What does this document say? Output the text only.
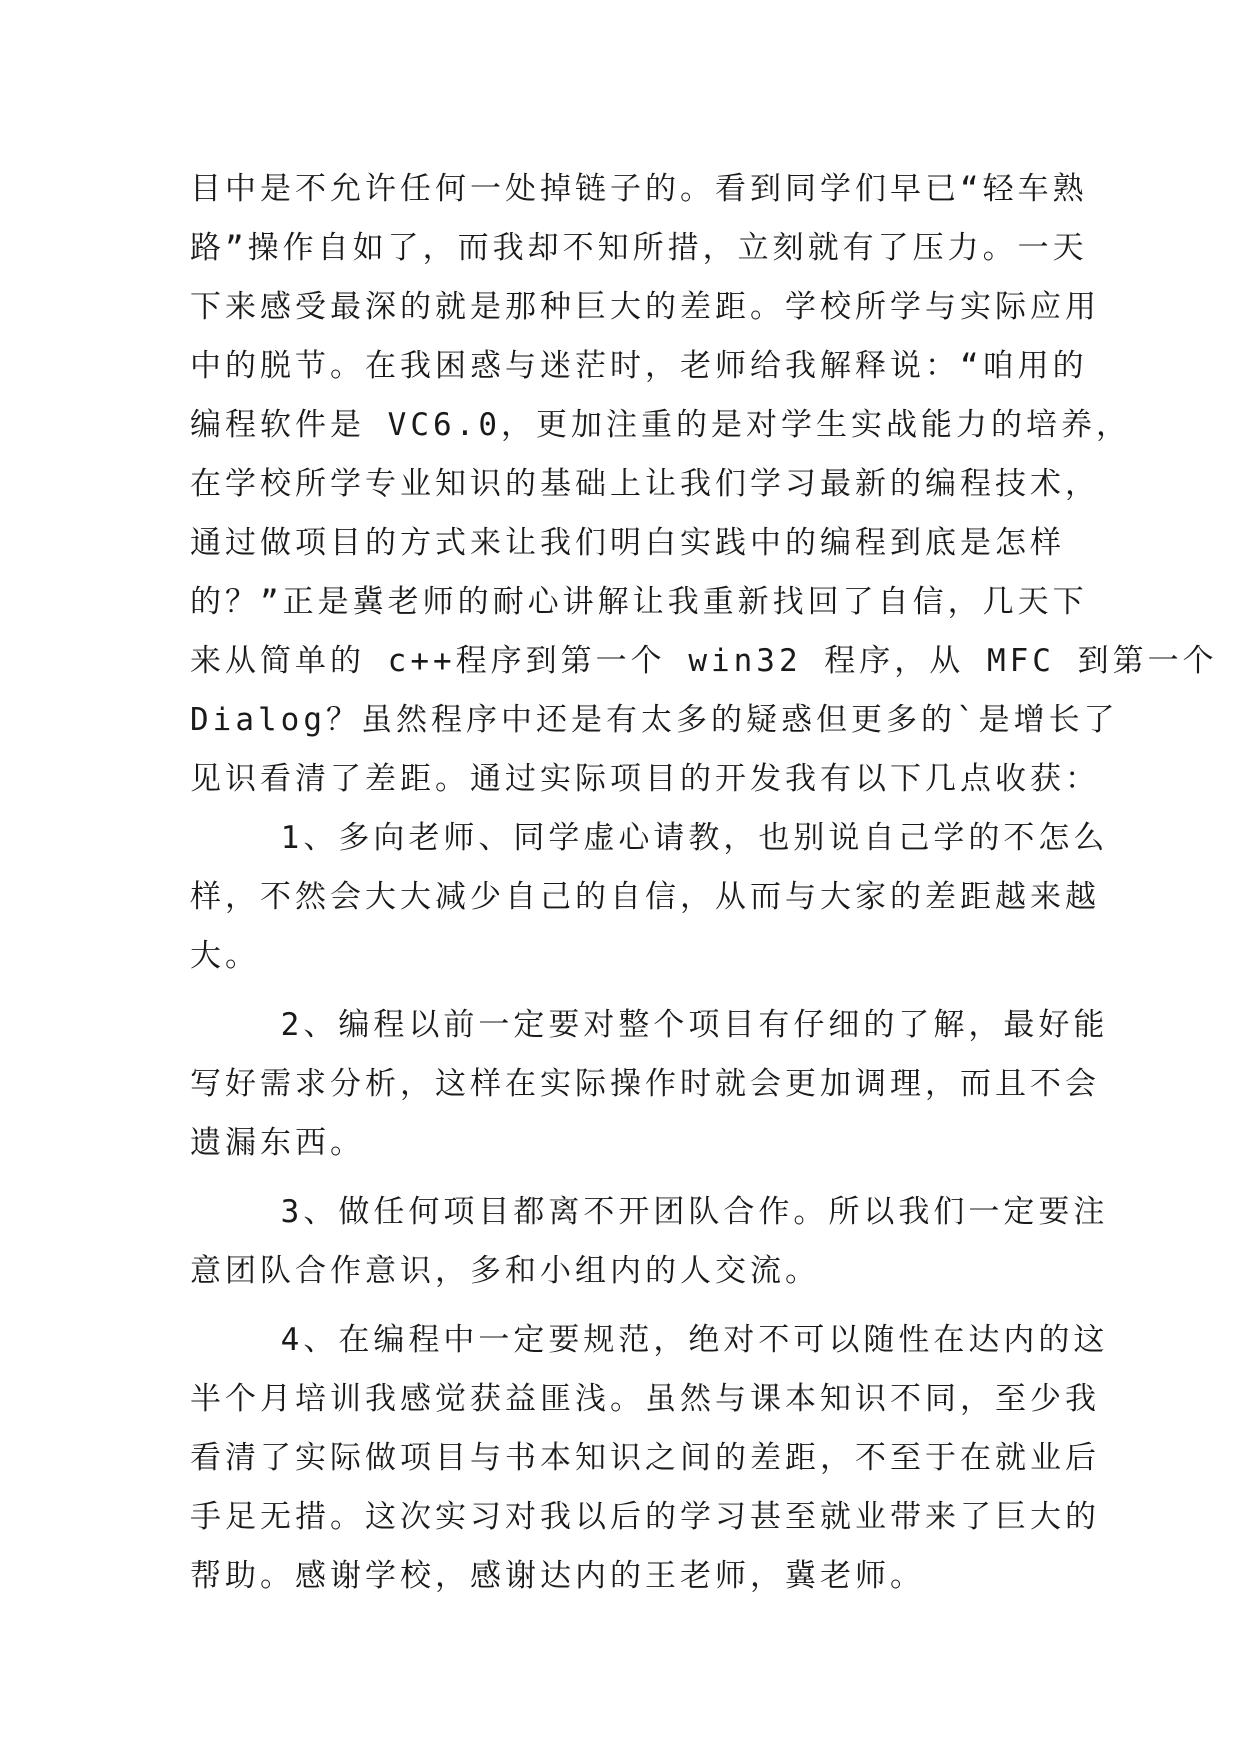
目中是不允许任何一处掉链子的。看到同学们早已“轻车熟
路”操作自如了，而我却不知所措，立刻就有了压力。一天
下来感受最深的就是那种巨大的差距。学校所学与实际应用
中的脱节。在我困惑与迷茫时，老师给我解释说：“咱用的
编程软件是 VC6.0，更加注重的是对学生实战能力的培养，
在学校所学专业知识的基础上让我们学习最新的编程技术，
通过做项目的方式来让我们明白实践中的编程到底是怎样
的？”正是冀老师的耐心讲解让我重新找回了自信，几天下
来从简单的 c++程序到第一个 win32 程序，从 MFC 到第一个
Dialog？虽然程序中还是有太多的疑惑但更多的`是增长了
见识看清了差距。通过实际项目的开发我有以下几点收获：
1、多向老师、同学虚心请教，也别说自己学的不怎么
样，不然会大大减少自己的自信，从而与大家的差距越来越
大。
2、编程以前一定要对整个项目有仔细的了解，最好能
写好需求分析，这样在实际操作时就会更加调理，而且不会
遗漏东西。
3、做任何项目都离不开团队合作。所以我们一定要注
意团队合作意识，多和小组内的人交流。
4、在编程中一定要规范，绝对不可以随性在达内的这
半个月培训我感觉获益匪浅。虽然与课本知识不同，至少我
看清了实际做项目与书本知识之间的差距，不至于在就业后
手足无措。这次实习对我以后的学习甚至就业带来了巨大的
帮助。感谢学校，感谢达内的王老师，冀老师。
